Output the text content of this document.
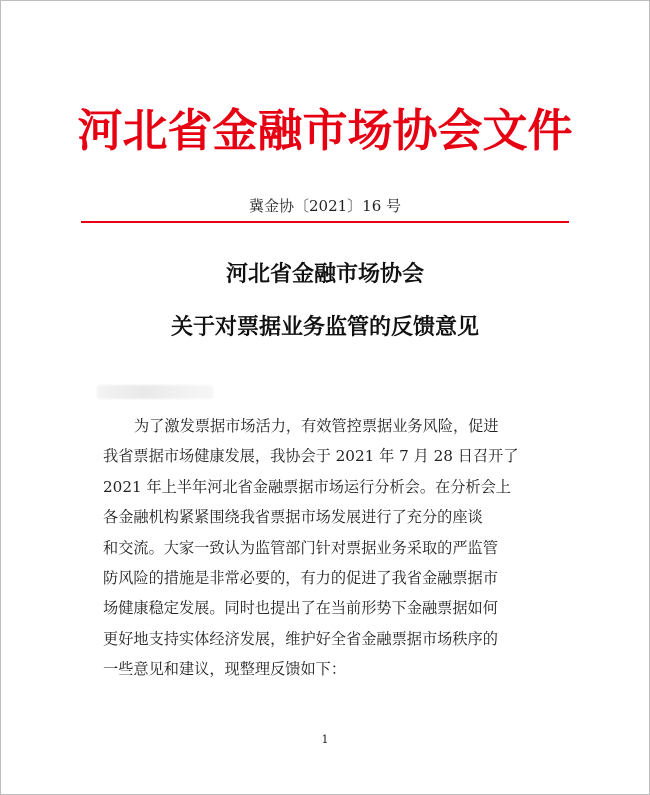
河北省金融市场协会文件
冀金协〔2021〕16 号
河北省金融市场协会
关于对票据业务监管的反馈意见
为了激发票据市场活力，有效管控票据业务风险，促进
我省票据市场健康发展，我协会于 2021 年 7 月 28 日召开了
2021 年上半年河北省金融票据市场运行分析会。在分析会上
各金融机构紧紧围绕我省票据市场发展进行了充分的座谈
和交流。大家一致认为监管部门针对票据业务采取的严监管
防风险的措施是非常必要的，有力的促进了我省金融票据市
场健康稳定发展。同时也提出了在当前形势下金融票据如何
更好地支持实体经济发展，维护好全省金融票据市场秩序的
一些意见和建议，现整理反馈如下：
1
